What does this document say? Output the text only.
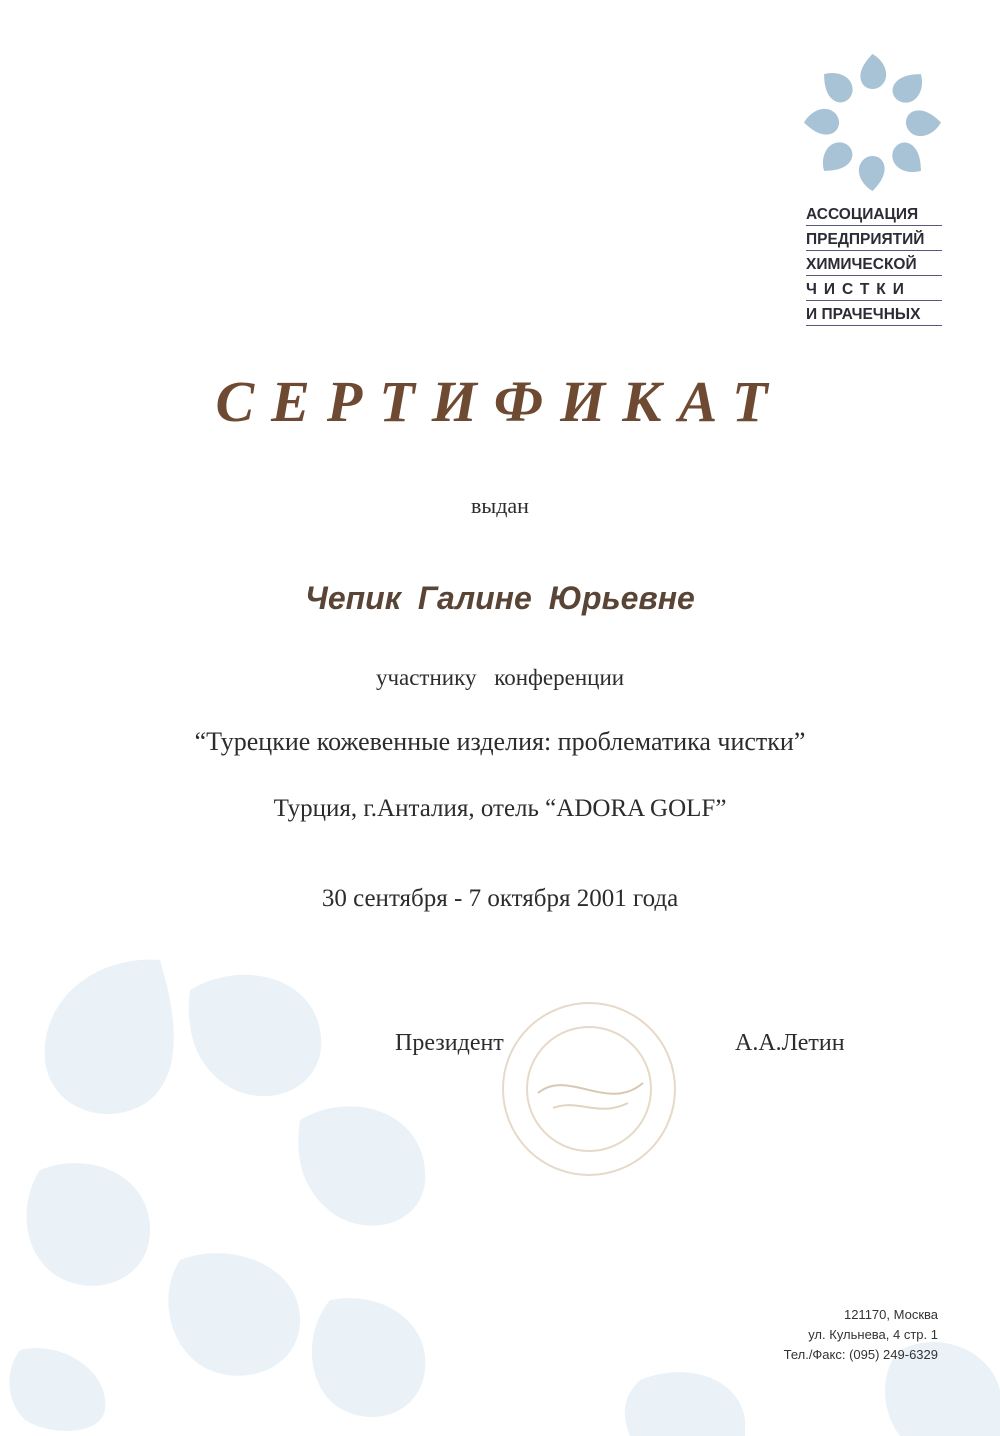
АССОЦИАЦИЯ
ПРЕДПРИЯТИЙ
ХИМИЧЕСКОЙ
ЧИСТКИ
И ПРАЧЕЧНЫХ
СЕРТИФИКАТ
выдан
Чепик Галине Юрьевне
участнику конференции
“Турецкие кожевенные изделия: проблематика чистки”
Турция, г.Анталия, отель “ADORA GOLF”
30 сентября - 7 октября 2001 года
Президент	А.А.Летин
121170, Москва
ул. Кульнева, 4 стр. 1
Тел./Факс: (095) 249-6329
